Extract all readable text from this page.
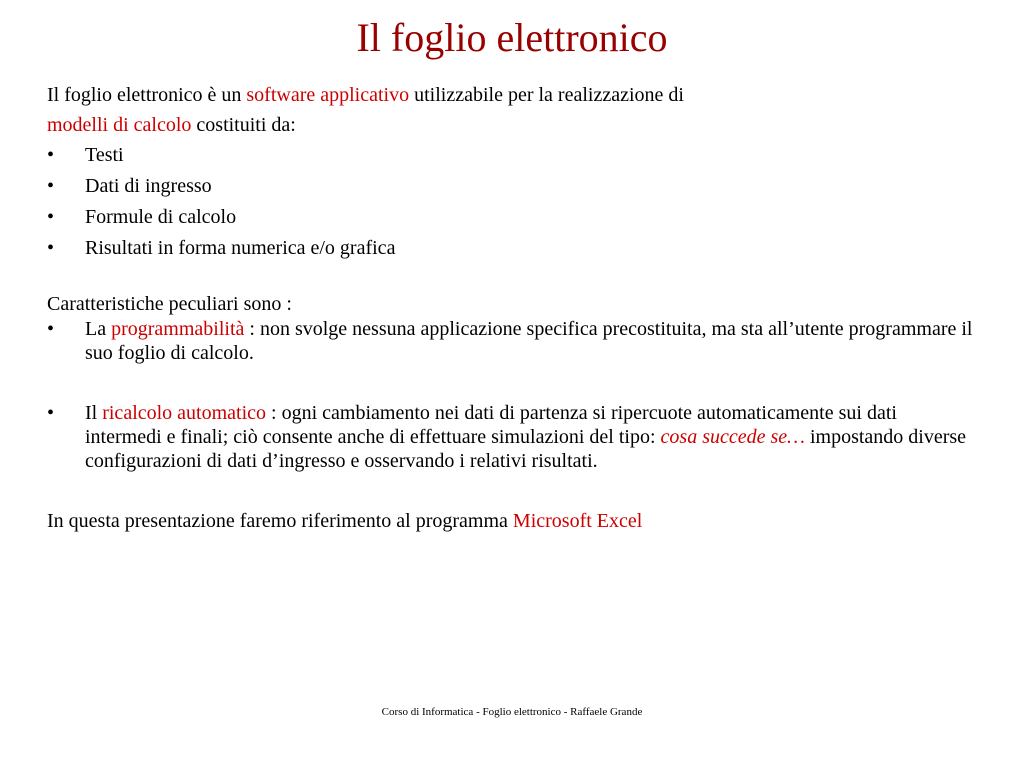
Il foglio elettronico

Il foglio elettronico è un software applicativo utilizzabile per la realizzazione di
modelli di calcolo costituiti da:

• Testi
• Dati di ingresso
• Formule di calcolo
• Risultati in forma numerica e/o grafica

Caratteristiche peculiari sono :

• La programmabilità : non svolge nessuna applicazione specifica precostituita, ma sta all’utente programmare il suo foglio di calcolo.
• Il ricalcolo automatico : ogni cambiamento nei dati di partenza si ripercuote automaticamente sui dati intermedi e finali; ciò consente anche di effettuare simulazioni del tipo: cosa succede se… impostando diverse configurazioni di dati d’ingresso e osservando i relativi risultati.

In questa presentazione faremo riferimento al programma Microsoft Excel

Corso di Informatica - Foglio elettronico - Raffaele Grande
